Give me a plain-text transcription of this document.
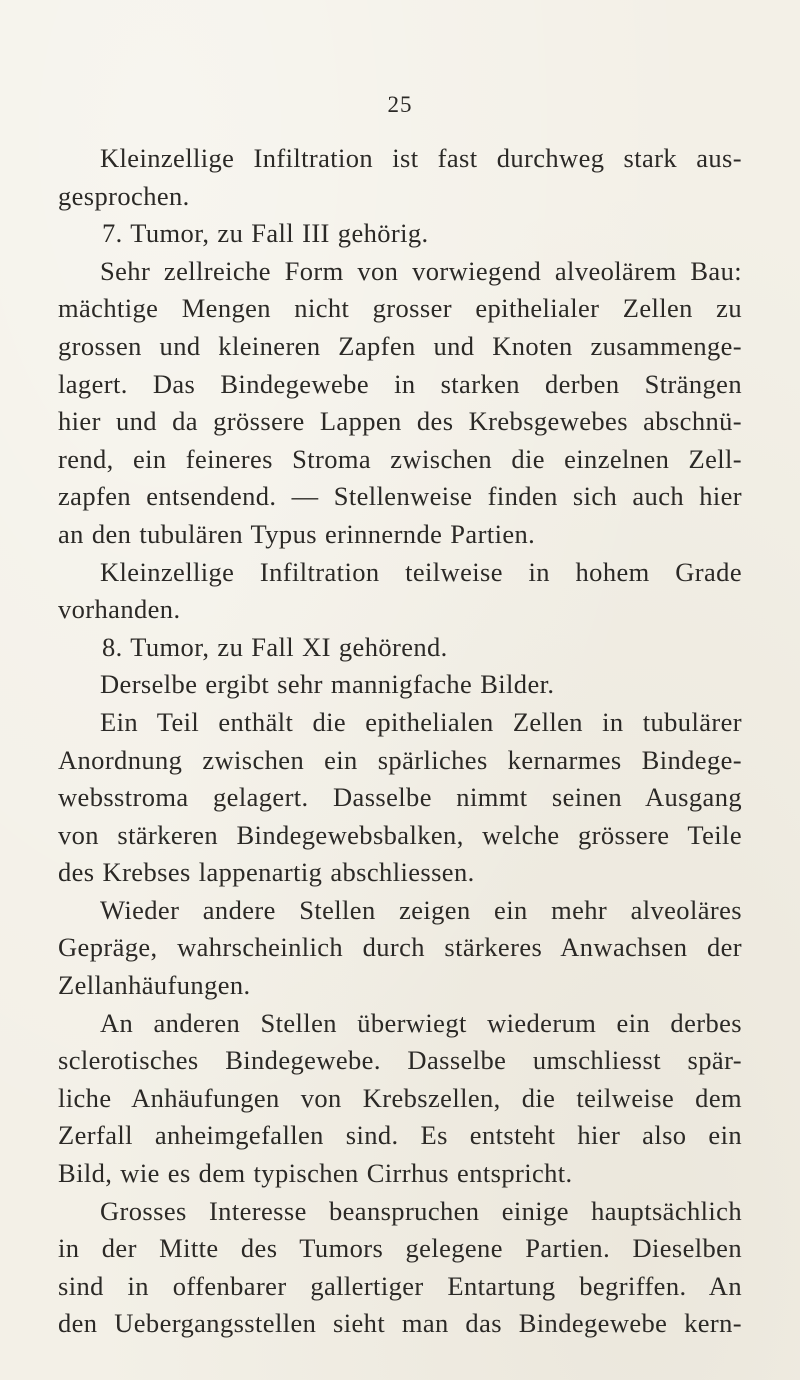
25
Kleinzellige Infiltration ist fast durchweg stark aus-
gesprochen.
7. Tumor, zu Fall III gehörig.
Sehr zellreiche Form von vorwiegend alveolärem Bau:
mächtige Mengen nicht grosser epithelialer Zellen zu
grossen und kleineren Zapfen und Knoten zusammenge-
lagert. Das Bindegewebe in starken derben Strängen
hier und da grössere Lappen des Krebsgewebes abschnü-
rend, ein feineres Stroma zwischen die einzelnen Zell-
zapfen entsendend. — Stellenweise finden sich auch hier
an den tubulären Typus erinnernde Partien.
Kleinzellige Infiltration teilweise in hohem Grade
vorhanden.
8. Tumor, zu Fall XI gehörend.
Derselbe ergibt sehr mannigfache Bilder.
Ein Teil enthält die epithelialen Zellen in tubulärer
Anordnung zwischen ein spärliches kernarmes Bindege-
websstroma gelagert. Dasselbe nimmt seinen Ausgang
von stärkeren Bindegewebsbalken, welche grössere Teile
des Krebses lappenartig abschliessen.
Wieder andere Stellen zeigen ein mehr alveoläres
Gepräge, wahrscheinlich durch stärkeres Anwachsen der
Zellanhäufungen.
An anderen Stellen überwiegt wiederum ein derbes
sclerotisches Bindegewebe. Dasselbe umschliesst spär-
liche Anhäufungen von Krebszellen, die teilweise dem
Zerfall anheimgefallen sind. Es entsteht hier also ein
Bild, wie es dem typischen Cirrhus entspricht.
Grosses Interesse beanspruchen einige hauptsächlich
in der Mitte des Tumors gelegene Partien. Dieselben
sind in offenbarer gallertiger Entartung begriffen. An
den Uebergangsstellen sieht man das Bindegewebe kern-
